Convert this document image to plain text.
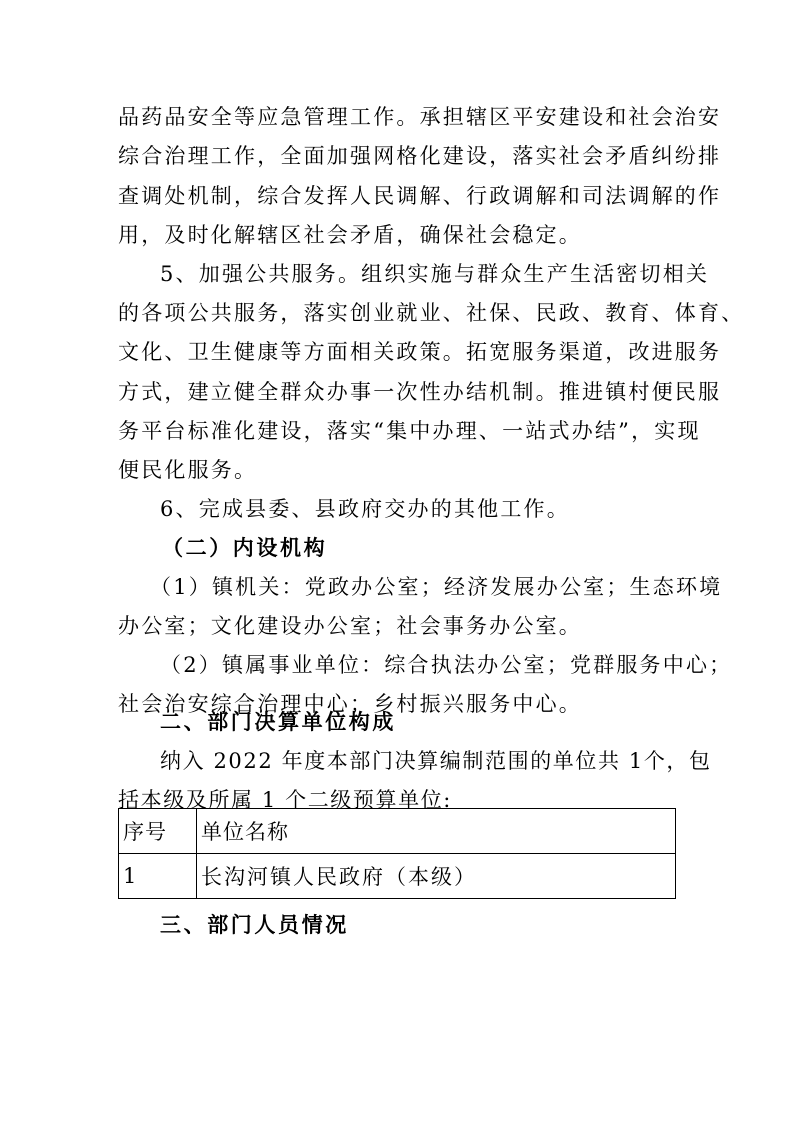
品药品安全等应急管理工作。承担辖区平安建设和社会治安
综合治理工作，全面加强网格化建设，落实社会矛盾纠纷排
查调处机制，综合发挥人民调解、行政调解和司法调解的作
用，及时化解辖区社会矛盾，确保社会稳定。
5、加强公共服务。组织实施与群众生产生活密切相关
的各项公共服务，落实创业就业、社保、民政、教育、体育、
文化、卫生健康等方面相关政策。拓宽服务渠道，改进服务
方式，建立健全群众办事一次性办结机制。推进镇村便民服
务平台标准化建设，落实“集中办理、一站式办结”，实现
便民化服务。
6、完成县委、县政府交办的其他工作。
（二）内设机构
（1）镇机关：党政办公室；经济发展办公室；生态环境
办公室；文化建设办公室；社会事务办公室。
（2）镇属事业单位：综合执法办公室；党群服务中心；
社会治安综合治理中心；乡村振兴服务中心。
二、部门决算单位构成
纳入 2022 年度本部门决算编制范围的单位共 1个，包
序号	单位名称
1	长沟河镇人民政府（本级）
三、部门人员情况
括本级及所属 1 个二级预算单位:
